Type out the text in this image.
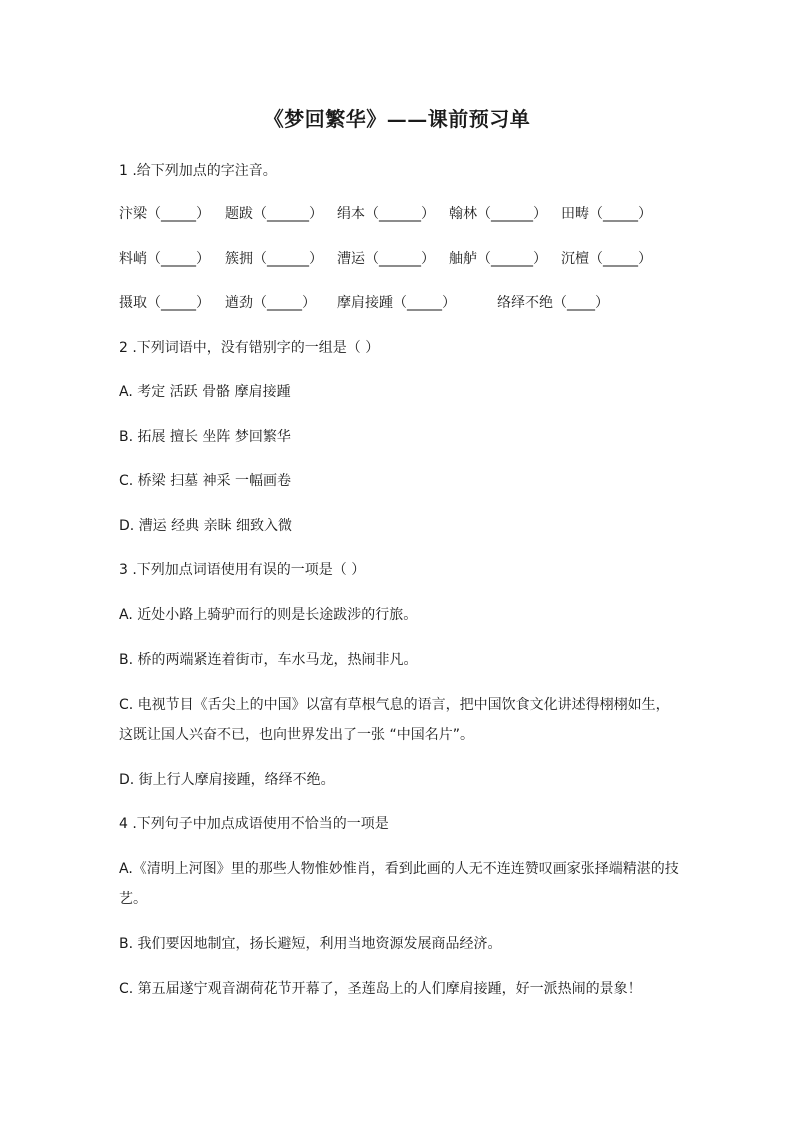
《梦回繁华》——课前预习单
1 .给下列加点的字注音。
汴梁（_____） 题跋（______） 绢本（______） 翰林（______） 田畴（_____）
料峭（_____） 簇拥（______） 漕运（______） 舳舻（______） 沉檀（_____）
摄取（_____） 遒劲（_____） 摩肩接踵（_____）	络绎不绝（____）
2 .下列词语中，没有错别字的一组是（ ）
A. 考定 活跃 骨骼 摩肩接踵
B. 拓展 擅长 坐阵 梦回繁华
C. 桥梁 扫墓 神采 一幅画卷
D. 漕运 经典 亲眛 细致入微
3 .下列加点词语使用有误的一项是（ ）
A. 近处小路上骑驴而行的则是长途跋涉的行旅。
B. 桥的两端紧连着街市，车水马龙，热闹非凡。
C. 电视节目《舌尖上的中国》以富有草根气息的语言，把中国饮食文化讲述得栩栩如生，
这既让国人兴奋不已，也向世界发出了一张 “中国名片”。
D. 街上行人摩肩接踵，络绎不绝。
4 .下列句子中加点成语使用不恰当的一项是
A.《清明上河图》里的那些人物惟妙惟肖，看到此画的人无不连连赞叹画家张择端精湛的技
艺。
B. 我们要因地制宜，扬长避短，利用当地资源发展商品经济。
C. 第五届遂宁观音湖荷花节开幕了，圣莲岛上的人们摩肩接踵，好一派热闹的景象！
